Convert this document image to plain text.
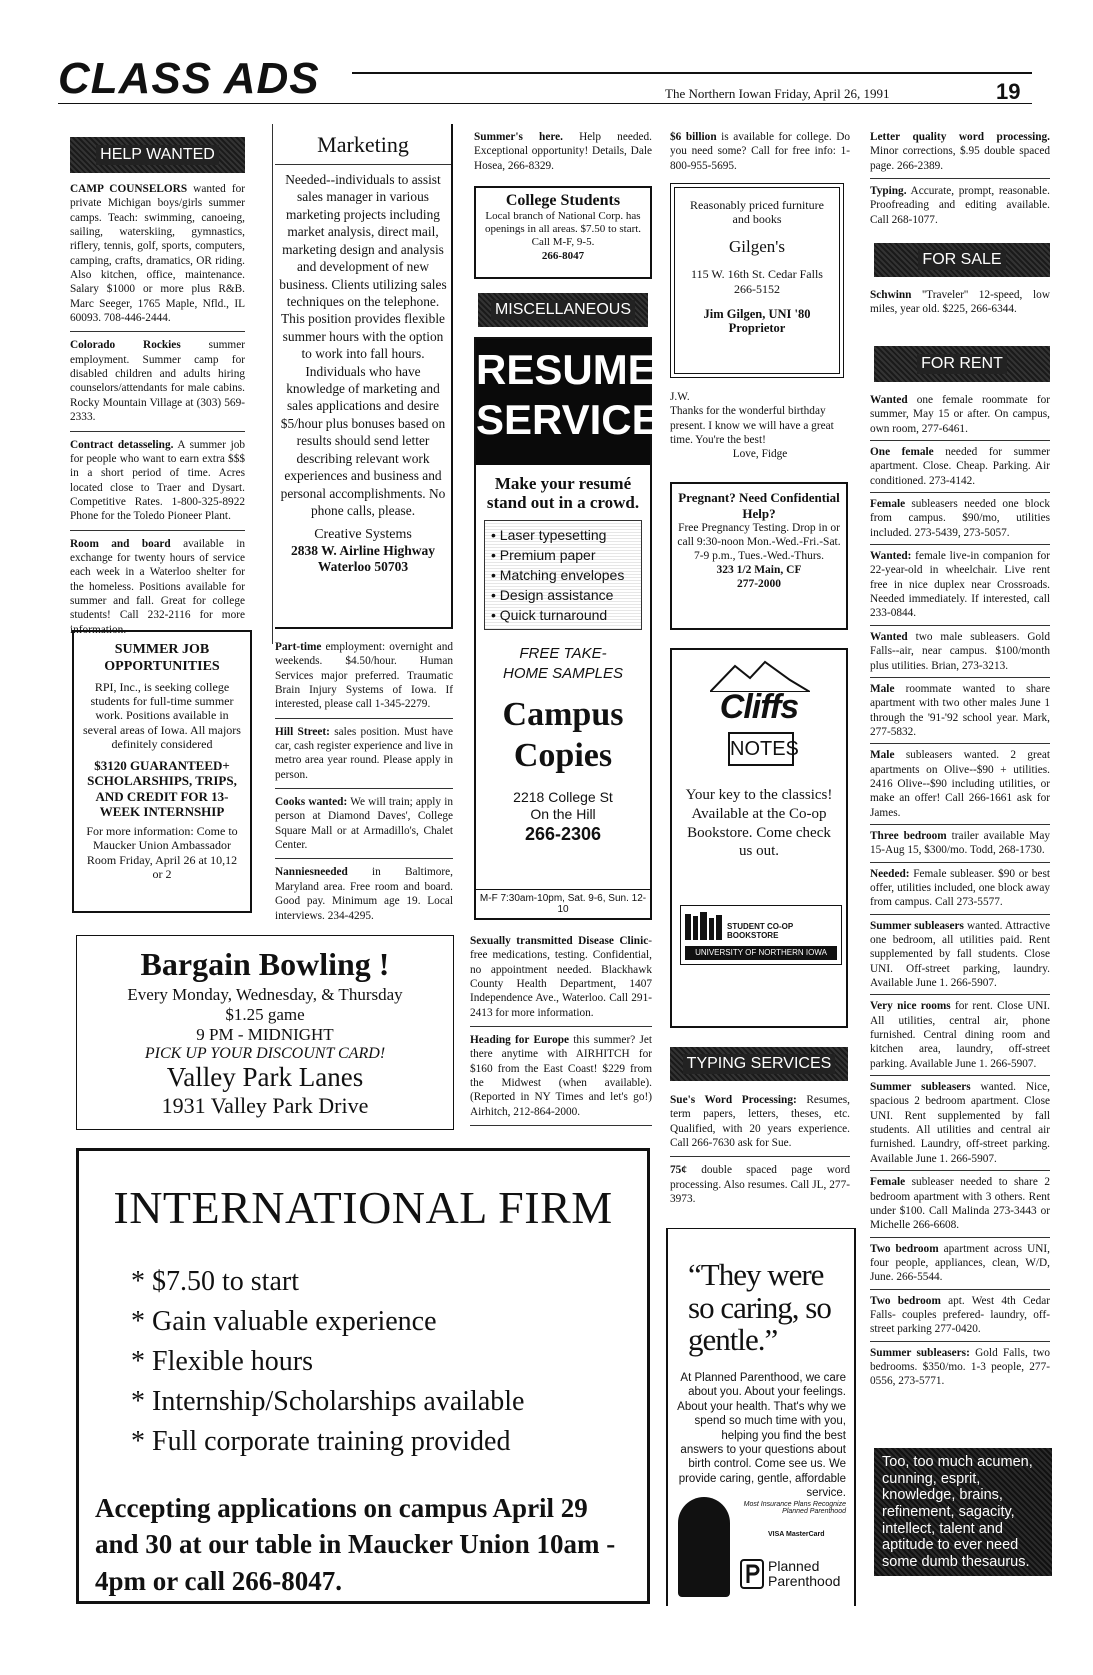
CLASS ADS	The Northern Iowan Friday, April 26, 1991	19
HELP WANTED
CAMP COUNSELORS wanted for private Michigan boys/girls summer camps. Teach: swimming, canoeing, sailing, waterskiing, gymnastics, riflery, tennis, golf, sports, computers, camping, crafts, dramatics, OR riding. Also kitchen, office, maintenance. Salary $1000 or more plus R&B. Marc Seeger, 1765 Maple, Nfld., IL 60093. 708-446-2444.
Colorado Rockies summer employment. Summer camp for disabled children and adults hiring counselors/attendants for male cabins. Rocky Mountain Village at (303) 569-2333.
Contract detasseling. A summer job for people who want to earn extra $$$ in a short period of time. Acres located close to Traer and Dysart. Competitive Rates. 1-800-325-8922 Phone for the Toledo Pioneer Plant.
Room and board available in exchange for twenty hours of service each week in a Waterloo shelter for the homeless. Positions available for summer and fall. Great for college students! Call 232-2116 for more information.
SUMMER JOB OPPORTUNITIES
RPI, Inc., is seeking college students for full-time summer work. Positions available in several areas of Iowa. All majors definitely considered
$3120 GUARANTEED+ SCHOLARSHIPS, TRIPS, AND CREDIT FOR 13-WEEK INTERNSHIP
For more information: Come to Maucker Union Ambassador Room Friday, April 26 at 10,12 or 2
Marketing
Needed--individuals to assist sales manager in various marketing projects including market analysis, direct mail, marketing design and analysis and development of new business. Clients utilizing sales techniques on the telephone. This position provides flexible summer hours with the option to work into fall hours. Individuals who have knowledge of marketing and sales applications and desire $5/hour plus bonuses based on results should send letter describing relevant work experiences and business and personal accomplishments. No phone calls, please.
Creative Systems
2838 W. Airline Highway Waterloo 50703
Part-time employment: overnight and weekends. $4.50/hour. Human Services major preferred. Traumatic Brain Injury Systems of Iowa. If interested, please call 1-345-2279.
Hill Street: sales position. Must have car, cash register experience and live in metro area year round. Please apply in person.
Cooks wanted: We will train; apply in person at Diamond Daves', College Square Mall or at Armadillo's, Chalet Center.
Nanniesneeded in Baltimore, Maryland area. Free room and board. Good pay. Minimum age 19. Local interviews. 234-4295.
Summer's here. Help needed. Exceptional opportunity! Details, Dale Hosea, 266-8329.
College Students
Local branch of National Corp. has openings in all areas. $7.50 to start. Call M-F, 9-5.
266-8047
MISCELLANEOUS
RESUME
SERVICE
Make your resumé stand out in a crowd.
• Laser typesetting
• Premium paper
• Matching envelopes
• Design assistance
• Quick turnaround
FREE TAKE-HOME SAMPLES
Campus Copies
2218 College St On the Hill
266-2306
M-F 7:30am-10pm, Sat. 9-6, Sun. 12-10
Sexually transmitted Disease Clinic-free medications, testing. Confidential, no appointment needed. Blackhawk County Health Department, 1407 Independence Ave., Waterloo. Call 291-2413 for more information.
Heading for Europe this summer? Jet there anytime with AIRHITCH for $160 from the East Coast! $229 from the Midwest (when available). (Reported in NY Times and let's go!) Airhitch, 212-864-2000.
$6 billion is available for college. Do you need some? Call for free info: 1-800-955-5695.
Reasonably priced furniture and books
Gilgen's
115 W. 16th St. Cedar Falls
266-5152
Jim Gilgen, UNI '80 Proprietor
J.W.
Thanks for the wonderful birthday present. I know we will have a great time. You're the best!
Love, Fidge
Pregnant? Need Confidential Help?
Free Pregnancy Testing. Drop in or call 9:30-noon Mon.-Wed.-Fri.-Sat. 7-9 p.m., Tues.-Wed.-Thurs.
323 1/2 Main, CF
277-2000
Cliffs
NOTES
Your key to the classics! Available at the Co-op Bookstore. Come check us out.
STUDENT CO-OP BOOKSTORE
UNIVERSITY OF NORTHERN IOWA
TYPING SERVICES
Sue's Word Processing: Resumes, term papers, letters, theses, etc. Qualified, with 20 years experience. Call 266-7630 ask for Sue.
75¢ double spaced page word processing. Also resumes. Call JL, 277-3973.
“They were so caring, so gentle.”
At Planned Parenthood, we care about you. About your feelings. About your health. That's why we spend so much time with you, helping you find the best answers to your questions about birth control. Come see us. We provide caring, gentle, affordable service.
Most Insurance Plans Recognize Planned Parenthood
VISA MasterCard
Planned Parenthood
Letter quality word processing. Minor corrections, $.95 double spaced page. 266-2389.
Typing. Accurate, prompt, reasonable. Proofreading and editing available. Call 268-1077.
FOR SALE
Schwinn ''Traveler'' 12-speed, low miles, year old. $225, 266-6344.
FOR RENT
Wanted one female roommate for summer, May 15 or after. On campus, own room, 277-6461.
One female needed for summer apartment. Close. Cheap. Parking. Air conditioned. 273-4142.
Female subleasers needed one block from campus. $90/mo, utilities included. 273-5439, 273-5057.
Wanted: female live-in companion for 22-year-old in wheelchair. Live rent free in nice duplex near Crossroads. Needed immediately. If interested, call 233-0844.
Wanted two male subleasers. Gold Falls--air, near campus. $100/month plus utilities. Brian, 273-3213.
Male roommate wanted to share apartment with two other males June 1 through the '91-'92 school year. Mark, 277-5832.
Male subleasers wanted. 2 great apartments on Olive--$90 + utilities. 2416 Olive--$90 including utilities, or make an offer! Call 266-1661 ask for James.
Three bedroom trailer available May 15-Aug 15, $300/mo. Todd, 268-1730.
Needed: Female subleaser. $90 or best offer, utilities included, one block away from campus. Call 273-5577.
Summer subleasers wanted. Attractive one bedroom, all utilities paid. Rent supplemented by fall students. Close UNI. Off-street parking, laundry. Available June 1. 266-5907.
Very nice rooms for rent. Close UNI. All utilities, central air, phone furnished. Central dining room and kitchen area, laundry, off-street parking. Available June 1. 266-5907.
Summer subleasers wanted. Nice, spacious 2 bedroom apartment. Close UNI. Rent supplemented by fall students. All utilities and central air furnished. Laundry, off-street parking. Available June 1. 266-5907.
Female subleaser needed to share 2 bedroom apartment with 3 others. Rent under $100. Call Malinda 273-3443 or Michelle 266-6608.
Two bedroom apartment across UNI, four people, appliances, clean, W/D, June. 266-5544.
Two bedroom apt. West 4th Cedar Falls- couples prefered- laundry, off-street parking 277-0420.
Summer subleasers: Gold Falls, two bedrooms. $350/mo. 1-3 people, 277-0556, 273-5771.
Too, too much acumen, cunning, esprit, knowledge, brains, refinement, sagacity, intellect, talent and aptitude to ever need some dumb thesaurus.
THE NI... it works
Bargain Bowling !
Every Monday, Wednesday, & Thursday
$1.25 game
9 PM - MIDNIGHT
PICK UP YOUR DISCOUNT CARD!
Valley Park Lanes
1931 Valley Park Drive
INTERNATIONAL FIRM
* $7.50 to start
* Gain valuable experience
* Flexible hours
* Internship/Scholarships available
* Full corporate training provided
Accepting applications on campus April 29 and 30 at our table in Maucker Union 10am - 4pm or call 266-8047.
